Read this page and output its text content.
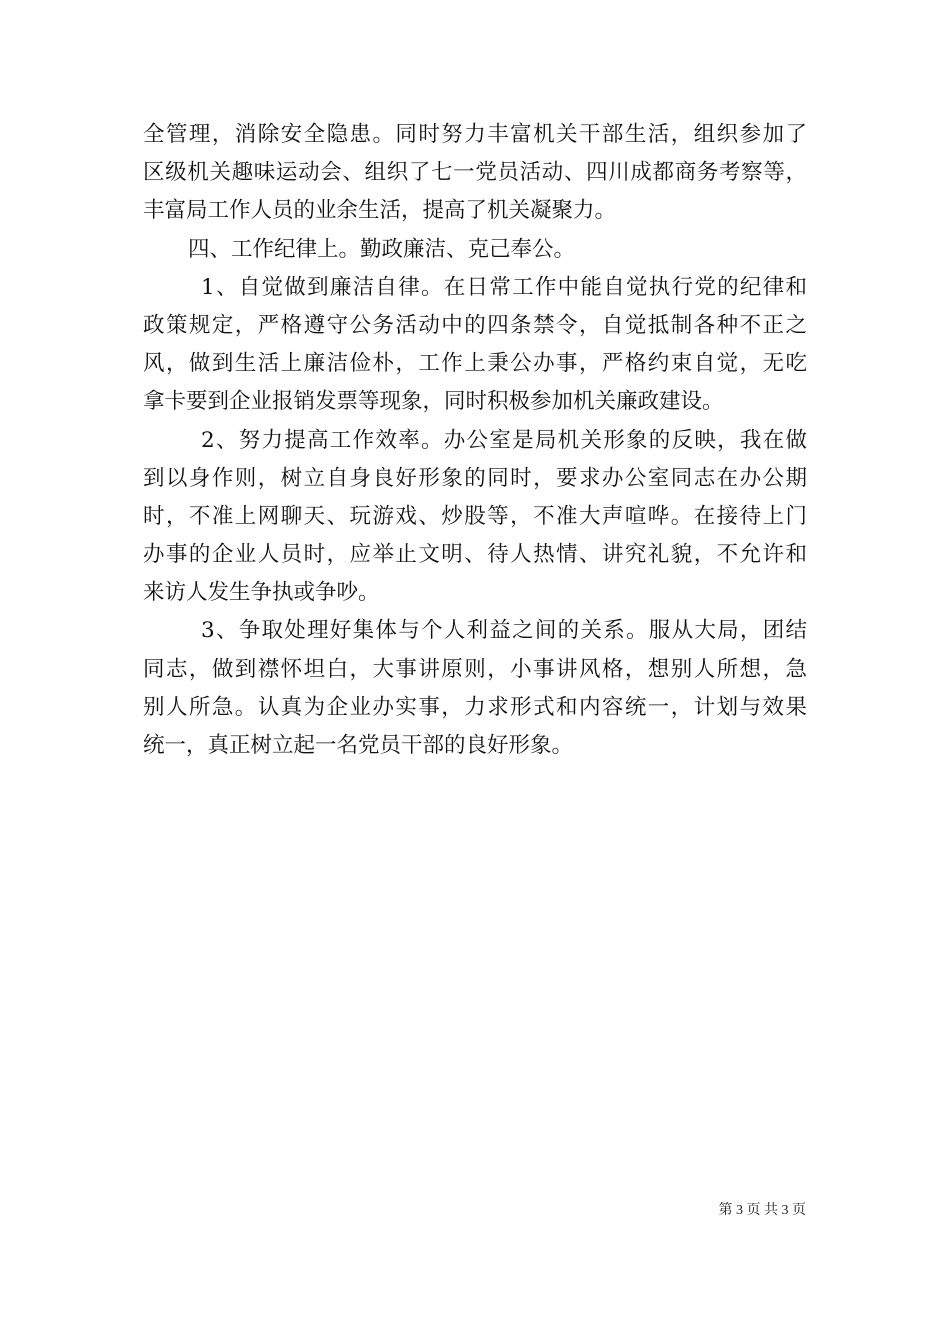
全管理，消除安全隐患。同时努力丰富机关干部生活，组织参加了
区级机关趣味运动会、组织了七一党员活动、四川成都商务考察等，
丰富局工作人员的业余生活，提高了机关凝聚力。
四、工作纪律上。勤政廉洁、克己奉公。
1、自觉做到廉洁自律。在日常工作中能自觉执行党的纪律和
政策规定，严格遵守公务活动中的四条禁令，自觉抵制各种不正之
风，做到生活上廉洁俭朴，工作上秉公办事，严格约束自觉，无吃
拿卡要到企业报销发票等现象，同时积极参加机关廉政建设。
2、努力提高工作效率。办公室是局机关形象的反映，我在做
到以身作则，树立自身良好形象的同时，要求办公室同志在办公期
时，不准上网聊天、玩游戏、炒股等，不准大声喧哗。在接待上门
办事的企业人员时，应举止文明、待人热情、讲究礼貌，不允许和
来访人发生争执或争吵。
3、争取处理好集体与个人利益之间的关系。服从大局，团结
同志，做到襟怀坦白，大事讲原则，小事讲风格，想别人所想，急
别人所急。认真为企业办实事，力求形式和内容统一，计划与效果
统一，真正树立起一名党员干部的良好形象。
第 3 页 共 3 页
